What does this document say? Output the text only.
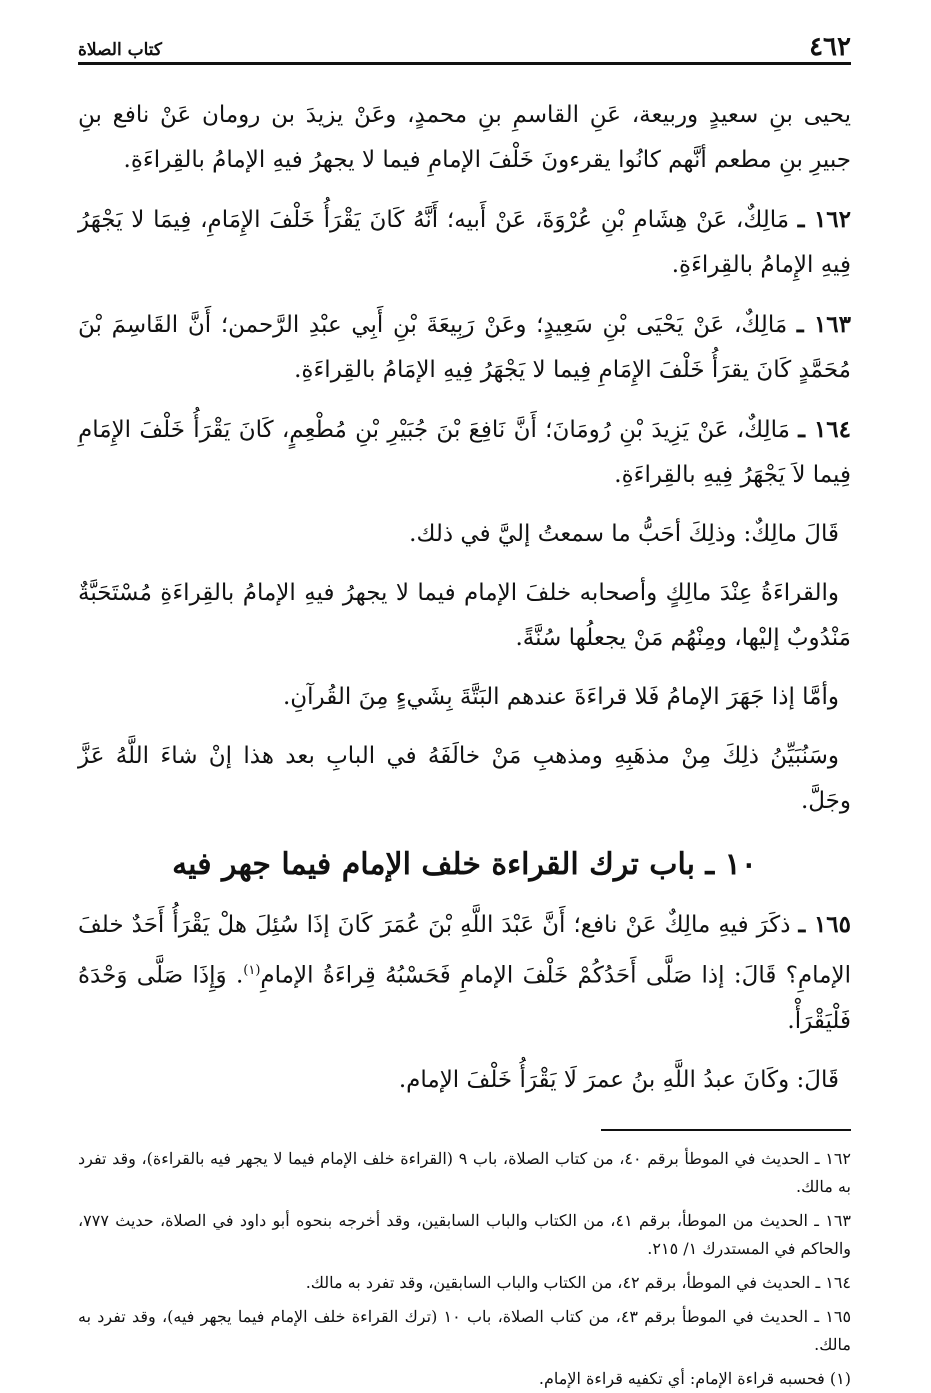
٤٦٢
كتاب الصلاة

يحيى بنِ سعيدٍ وربيعة، عَنِ القاسمِ بنِ محمدٍ، وعَنْ يزيدَ بن رومان عَنْ نافع بنِ جبيرِ بنِ مطعم أنَّهم كانُوا يقرءونَ خَلْفَ الإمامِ فيما لا يجهرُ فيهِ الإمامُ بالقِراءَةِ.

١٦٢ ـ مَالِكٌ، عَنْ هِشَامِ بْنِ عُرْوَةَ، عَنْ أَبيه؛ أَنَّهُ كَانَ يَقْرَأُ خَلْفَ الإِمَامِ، فِيمَا لا يَجْهَرُ فِيهِ الإِمامُ بالقِراءَةِ.

١٦٣ ـ مَالِكٌ، عَنْ يَحْيَى بْنِ سَعِيدٍ؛ وعَنْ رَبِيعَةَ بْنِ أَبِي عبْدِ الرَّحمن؛ أَنَّ القَاسِمَ بْنَ مُحَمَّدٍ كَانَ يقرَأُ خَلْفَ الإِمَامِ فِيما لا يَجْهَرُ فِيهِ الإمَامُ بالقِراءَةِ.

١٦٤ ـ مَالِكٌ، عَنْ يَزِيدَ بْنِ رُومَانَ؛ أَنَّ نَافِعَ بْنَ جُبَيْرِ بْنِ مُطْعِمٍ، كَانَ يَقْرَأُ خَلْفَ الإِمَامِ فِيما لاَ يَجْهَرُ فِيهِ بالقِراءَةِ.

قَالَ مالِكٌ: وذلِكَ أحَبُّ ما سمعتُ إليَّ في ذلك.

والقراءَةُ عِنْدَ مالِكٍ وأصحابه خلفَ الإمام فيما لا يجهرُ فيهِ الإمامُ بالقِراءَةِ مُسْتَحَبَّةٌ مَنْدُوبٌ إليْها، ومِنْهُم مَنْ يجعلُها سُنَّةً.

وأمَّا إذا جَهَرَ الإمامُ فَلا قراءَةَ عندهم البَتَّةَ بِشَيءٍ مِنَ القُرآنِ.

وسَنُبَيِّنُ ذلِكَ مِنْ مذهَبِهِ ومذهبِ مَنْ خالَفَهُ في البابِ بعد هذا إنْ شاءَ اللَّهُ عَزَّ وجَلَّ.

١٠ ـ باب ترك القراءة خلف الإمام فيما جهر فيه

١٦٥ ـ ذكَرَ فيهِ مالِكٌ عَنْ نافع؛ أَنَّ عَبْدَ اللَّهِ بْنَ عُمَرَ كَانَ إذَا سُئِلَ هلْ يَقْرَأُ أَحَدٌ خلفَ الإمامِ؟ قَالَ: إذا صَلَّى أَحَدُكُمْ خَلْفَ الإمامِ فَحَسْبُهُ قِراءَةُ الإمامِ$^{(١)}$. وَإِذَا صَلَّى وَحْدَهُ فَلْيَقْرَأْ.

قَالَ: وكَانَ عبدُ اللَّهِ بنُ عمرَ لَا يَقْرَأُ خَلْفَ الإمام.

١٦٢ ـ الحديث في الموطأ برقم ٤٠، من كتاب الصلاة، باب ٩ (القراءة خلف الإمام فيما لا يجهر فيه بالقراءة)، وقد تفرد به مالك.

١٦٣ ـ الحديث من الموطأ، برقم ٤١، من الكتاب والباب السابقين، وقد أخرجه بنحوه أبو داود في الصلاة، حديث ٧٧٧، والحاكم في المستدرك ١/ ٢١٥.

١٦٤ ـ الحديث في الموطأ، برقم ٤٢، من الكتاب والباب السابقين، وقد تفرد به مالك.

١٦٥ ـ الحديث في الموطأ برقم ٤٣، من كتاب الصلاة، باب ١٠ (ترك القراءة خلف الإمام فيما يجهر فيه)، وقد تفرد به مالك.

(١) فحسبه قراءة الإمام: أي تكفيه قراءة الإمام.
